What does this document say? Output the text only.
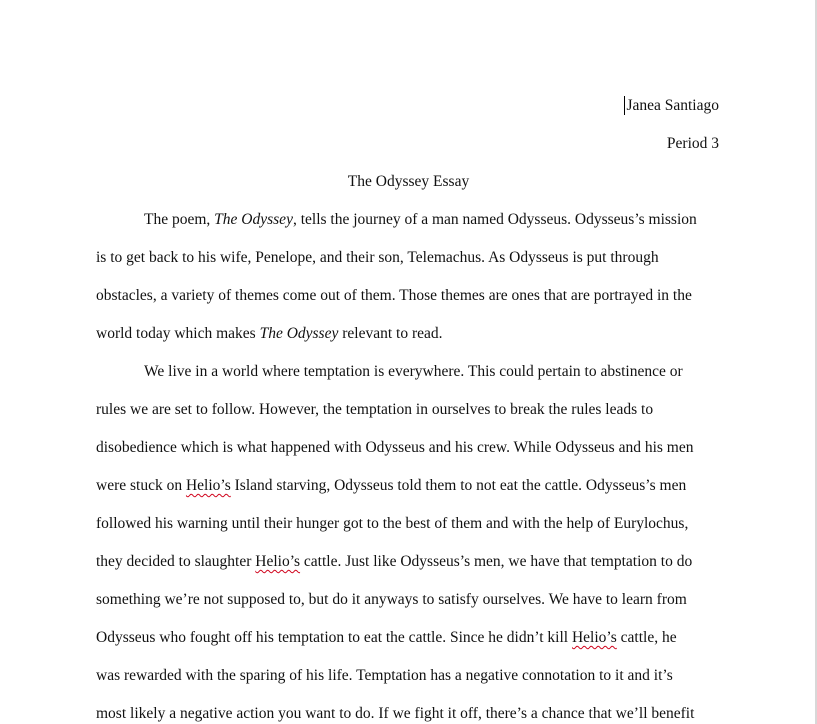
Janea Santiago
Period 3
The Odyssey Essay
The poem, The Odyssey, tells the journey of a man named Odysseus. Odysseus’s mission
is to get back to his wife, Penelope, and their son, Telemachus. As Odysseus is put through
obstacles, a variety of themes come out of them. Those themes are ones that are portrayed in the
world today which makes The Odyssey relevant to read.
We live in a world where temptation is everywhere. This could pertain to abstinence or
rules we are set to follow. However, the temptation in ourselves to break the rules leads to
disobedience which is what happened with Odysseus and his crew. While Odysseus and his men
were stuck on Helio’s Island starving, Odysseus told them to not eat the cattle. Odysseus’s men
followed his warning until their hunger got to the best of them and with the help of Eurylochus,
they decided to slaughter Helio’s cattle. Just like Odysseus’s men, we have that temptation to do
something we’re not supposed to, but do it anyways to satisfy ourselves. We have to learn from
Odysseus who fought off his temptation to eat the cattle. Since he didn’t kill Helio’s cattle, he
was rewarded with the sparing of his life. Temptation has a negative connotation to it and it’s
most likely a negative action you want to do. If we fight it off, there’s a chance that we’ll benefit
